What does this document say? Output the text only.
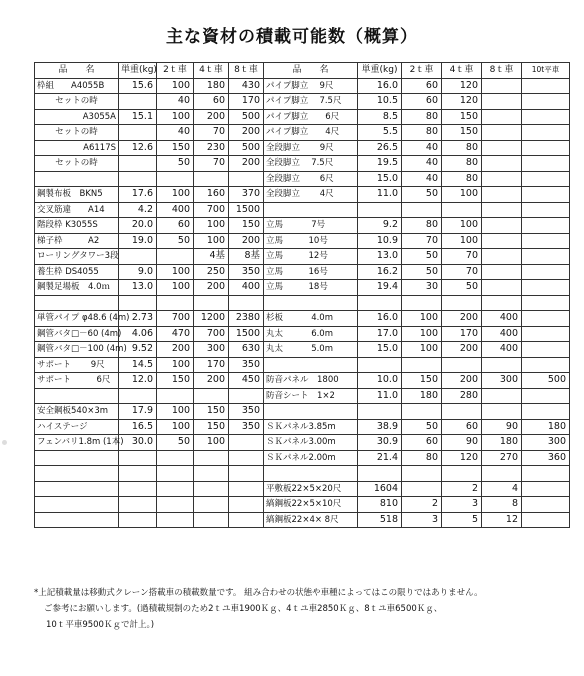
主な資材の積載可能数（概算）
品　　名	単重(kg)	2ｔ車	4ｔ車	8ｔ車	品　　名	単重(kg)	2ｔ車	4ｔ車	8ｔ車	10t平車
枠組　　A4055B	15.6	100	180	430	パイプ脚立　 9尺	16.0	60	120		
セットの時		40	60	170	パイプ脚立　 7.5尺	10.5	60	120		
A3055A	15.1	100	200	500	パイプ脚立　　6尺	8.5	80	150		
セットの時		40	70	200	パイプ脚立　　4尺	5.5	80	150		
A6117S	12.6	150	230	500	全段脚立　　 9尺	26.5	40	80		
セットの時		50	70	200	全段脚立　 7.5尺	19.5	40	80		
					全段脚立　　 6尺	15.0	40	80		
鋼製布板　BKN5	17.6	100	160	370	全段脚立　　 4尺	11.0	50	100		
交叉筋違　　A14	4.2	400	700	1500						
階段枠 K3055S	20.0	60	100	150	立馬　　　 7号	9.2	80	100		
梯子枠　　　A2	19.0	50	100	200	立馬　　　10号	10.9	70	100		
ローリングタワー3段			4基	8基	立馬　　　12号	13.0	50	70		
養生枠 DS4055	9.0	100	250	350	立馬　　　16号	16.2	50	70		
鋼製足場板　4.0ｍ	13.0	100	200	400	立馬　　　18号	19.4	30	50		

単管パイプ φ48.6 (4m)	2.73	700	1200	2380	杉板　　　 4.0m	16.0	100	200	400	
鋼管バタ□－60 (4m)	4.06	470	700	1500	丸太　　　 6.0m	17.0	100	170	400	
鋼管バタ□－100 (4m)	9.52	200	300	630	丸太　　　 5.0m	15.0	100	200	400	
サポート　　 9尺	14.5	100	170	350						
サポート　　　6尺	12.0	150	200	450	防音パネル　1800	10.0	150	200	300	500
					防音シート　1×2	11.0	180	280		
安全鋼板540×3m	17.9	100	150	350						
ハイステージ	16.5	100	150	350	ＳＫパネル3.85m	38.9	50	60	90	180
フェンバリ1.8m (1本)	30.0	50	100		ＳＫパネル3.00m	30.9	60	90	180	300
					ＳＫパネル2.00m	21.4	80	120	270	360

					平敷板22×5×20尺	1604		2	4	
					縞鋼板22×5×10尺	810	2	3	8	
					縞鋼板22×4× 8尺	518	3	5	12	
*上記積載量は移動式クレーン搭載車の積載数量です。 組み合わせの状態や車種によってはこの限りではありません。
ご参考にお願いします。(過積載規制のため2ｔユ車1900Ｋｇ、4ｔユ車2850Ｋｇ、8ｔユ車6500Ｋｇ、
10ｔ平車9500Ｋｇで計上。)
